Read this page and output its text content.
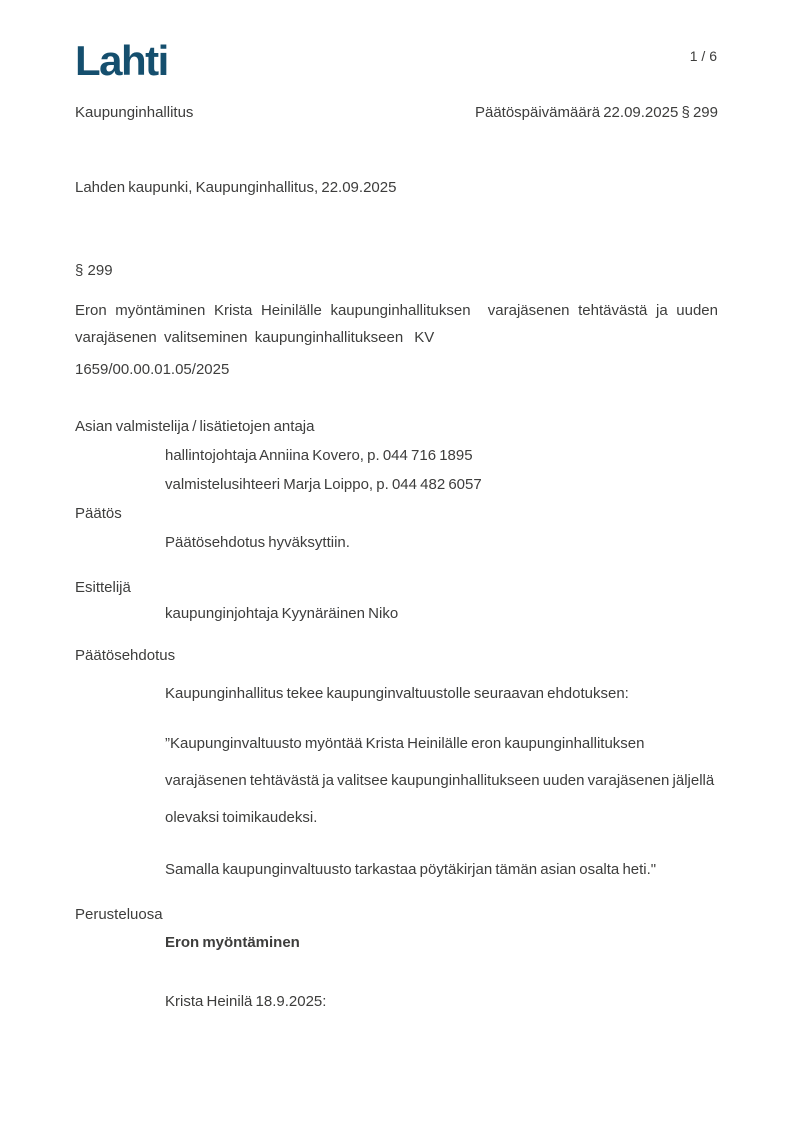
1 / 6
Lahti
Kaupunginhallitus	Päätöspäivämäärä 22.09.2025 § 299
Lahden kaupunki, Kaupunginhallitus, 22.09.2025
§ 299
Eron myöntäminen Krista Heinilälle kaupunginhallituksen  varajäsenen tehtävästä ja uuden  varajäsenen  valitseminen  kaupunginhallitukseen   KV
1659/00.00.01.05/2025
Asian valmistelija / lisätietojen antaja
hallintojohtaja Anniina Kovero, p. 044 716 1895
valmistelusihteeri Marja Loippo, p. 044 482 6057
Päätös
Päätösehdotus hyväksyttiin.
Esittelijä
kaupunginjohtaja Kyynäräinen Niko
Päätösehdotus
Kaupunginhallitus tekee kaupunginvaltuustolle seuraavan ehdotuksen:
”Kaupunginvaltuusto myöntää Krista Heinilälle eron kaupunginhallituksen varajäsenen tehtävästä ja valitsee kaupunginhallitukseen uuden varajäsenen jäljellä olevaksi toimikaudeksi.
Samalla kaupunginvaltuusto tarkastaa pöytäkirjan tämän asian osalta heti."
Perusteluosa
Eron myöntäminen
Krista Heinilä 18.9.2025:
